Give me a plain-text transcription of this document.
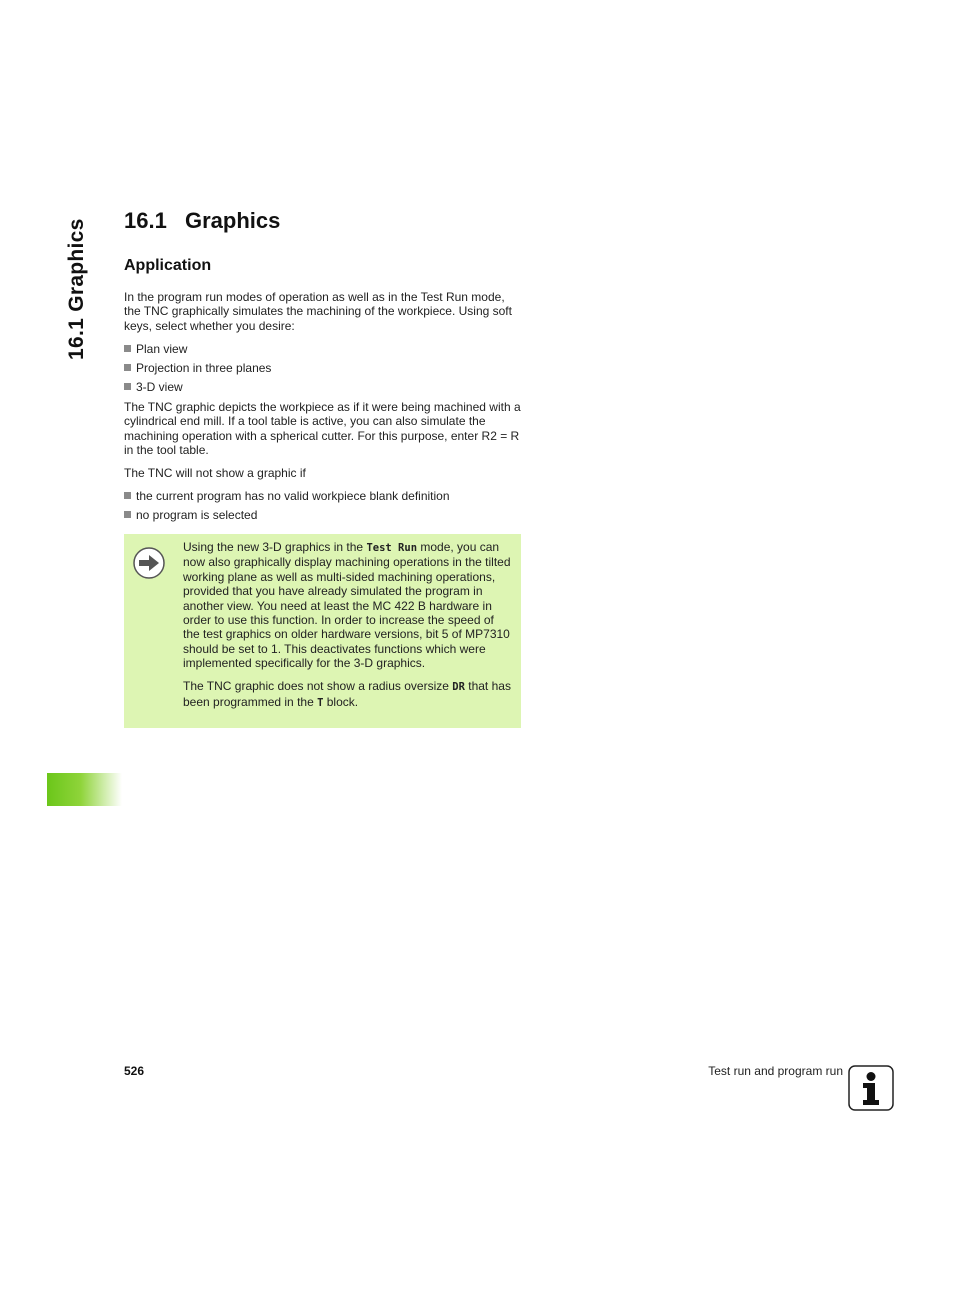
16.1 Graphics 16.1 Graphics
Application

In the program run modes of operation as well as in the Test Run mode, the TNC graphically simulates the machining of the workpiece. Using soft keys, select whether you desire:

Plan view
Projection in three planes
3-D view

The TNC graphic depicts the workpiece as if it were being machined with a cylindrical end mill. If a tool table is active, you can also simulate the machining operation with a spherical cutter. For this purpose, enter R2 = R in the tool table.

The TNC will not show a graphic if

the current program has no valid workpiece blank definition
no program is selected

Using the new 3-D graphics in the Test Run mode, you can now also graphically display machining operations in the tilted working plane as well as multi-sided machining operations, provided that you have already simulated the program in another view. You need at least the MC 422 B hardware in order to use this function. In order to increase the speed of the test graphics on older hardware versions, bit 5 of MP7310 should be set to 1. This deactivates functions which were implemented specifically for the 3-D graphics.

The TNC graphic does not show a radius oversize DR that has been programmed in the T block.

526	Test run and program run
